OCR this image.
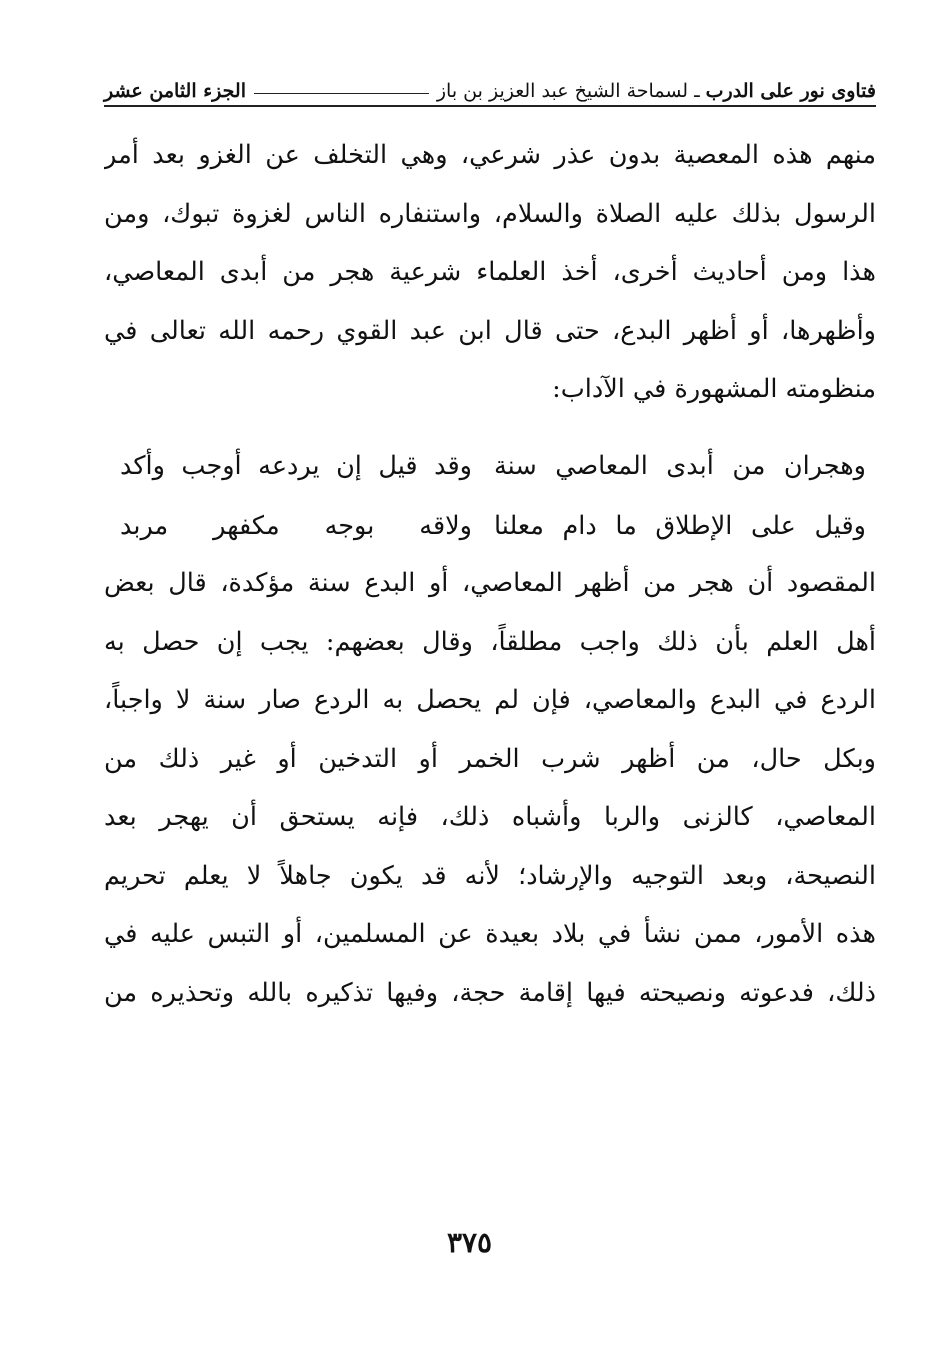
فتاوى نور على الدرب
ـ
لسماحة الشيخ عبد العزيز بن باز
الجزء الثامن عشر
منهم هذه المعصية بدون عذر شرعي، وهي التخلف عن الغزو بعد أمر
الرسول بذلك عليه الصلاة والسلام، واستنفاره الناس لغزوة تبوك، ومن
هذا ومن أحاديث أخرى، أخذ العلماء شرعية هجر من أبدى المعاصي،
وأظهرها، أو أظهر البدع، حتى قال ابن عبد القوي رحمه الله تعالى في
منظومته المشهورة في الآداب:
وهجران من أبدى المعاصي سنة
وقد قيل إن يردعه أوجب وأكد
وقيل على الإطلاق ما دام معلنا
ولاقه بوجه مكفهر مربد
المقصود أن هجر من أظهر المعاصي، أو البدع سنة مؤكدة، قال بعض
أهل العلم بأن ذلك واجب مطلقاً، وقال بعضهم: يجب إن حصل به
الردع في البدع والمعاصي، فإن لم يحصل به الردع صار سنة لا واجباً،
وبكل حال، من أظهر شرب الخمر أو التدخين أو غير ذلك من
المعاصي، كالزنى والربا وأشباه ذلك، فإنه يستحق أن يهجر بعد
النصيحة، وبعد التوجيه والإرشاد؛ لأنه قد يكون جاهلاً لا يعلم تحريم
هذه الأمور، ممن نشأ في بلاد بعيدة عن المسلمين، أو التبس عليه في
ذلك، فدعوته ونصيحته فيها إقامة حجة، وفيها تذكيره بالله وتحذيره من
٣٧٥
